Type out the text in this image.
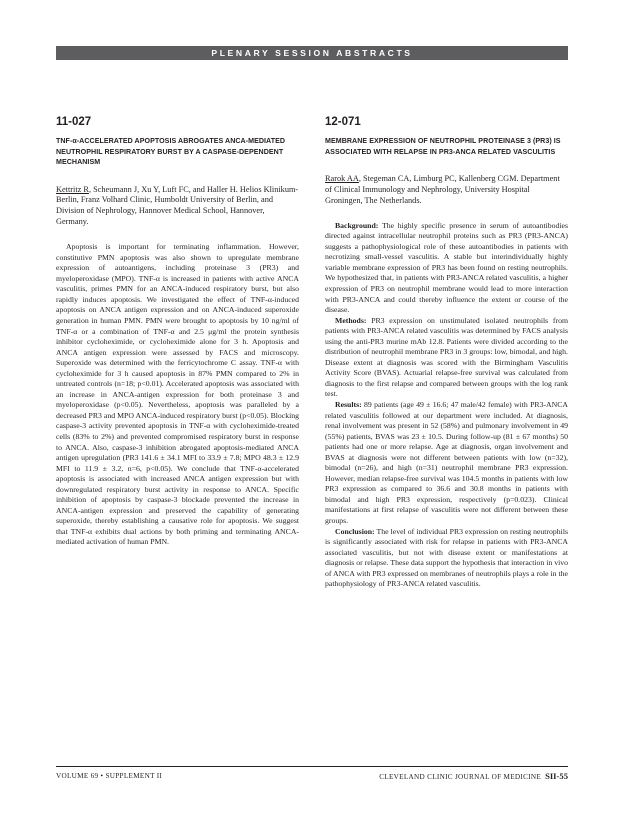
PLENARY SESSION ABSTRACTS
11-027
TNF-α-ACCELERATED APOPTOSIS ABROGATES ANCA-MEDIATED NEUTROPHIL RESPIRATORY BURST BY A CASPASE-DEPENDENT MECHANISM
Kettritz R, Scheumann J, Xu Y, Luft FC, and Haller H. Helios Klinikum-Berlin, Franz Volhard Clinic, Humboldt University of Berlin, and Division of Nephrology, Hannover Medical School, Hannover, Germany.

Apoptosis is important for terminating inflammation. However, constitutive PMN apoptosis was also shown to upregulate membrane expression of autoantigens, including proteinase 3 (PR3) and myeloperoxidase (MPO). TNF-α is increased in patients with active ANCA vasculitis, primes PMN for an ANCA-induced respiratory burst, but also rapidly induces apoptosis. We investigated the effect of TNF-α-induced apoptosis on ANCA antigen expression and on ANCA-induced superoxide generation in human PMN. PMN were brought to apoptosis by 10 ng/ml of TNF-α or a combination of TNF-α and 2.5 μg/ml the protein synthesis inhibitor cycloheximide, or cycloheximide alone for 3 h. Apoptosis and ANCA antigen expression were assessed by FACS and microscopy. Superoxide was determined with the ferricytochrome C assay. TNF-α with cycloheximide for 3 h caused apoptosis in 87% PMN compared to 2% in untreated controls (n=18; p<0.01). Accelerated apoptosis was associated with an increase in ANCA-antigen expression for both proteinase 3 and myeloperoxidase (p<0.05). Nevertheless, apoptosis was paralleled by a decreased PR3 and MPO ANCA-induced respiratory burst (p<0.05). Blocking caspase-3 activity prevented apoptosis in TNF-α with cycloheximide-treated cells (83% to 2%) and prevented compromised respiratory burst in response to ANCA. Also, caspase-3 inhibition abrogated apoptosis-mediated ANCA antigen upregulation (PR3 141.6 ± 34.1 MFI to 33.9 ± 7.8; MPO 48.3 ± 12.9 MFI to 11.9 ± 3.2, n=6, p<0.05). We conclude that TNF-α-accelerated apoptosis is associated with increased ANCA antigen expression but with downregulated respiratory burst activity in response to ANCA. Specific inhibition of apoptosis by caspase-3 blockade prevented the increase in ANCA-antigen expression and preserved the capability of generating superoxide, thereby establishing a causative role for apoptosis. We suggest that TNF-α exhibits dual actions by both priming and terminating ANCA-mediated activation of human PMN.

12-071
MEMBRANE EXPRESSION OF NEUTROPHIL PROTEINASE 3 (PR3) IS ASSOCIATED WITH RELAPSE IN PR3-ANCA RELATED VASCULITIS
Rarok AA, Stegeman CA, Limburg PC, Kallenberg CGM. Department of Clinical Immunology and Nephrology, University Hospital Groningen, The Netherlands.

Background: The highly specific presence in serum of autoantibodies directed against intracellular neutrophil proteins such as PR3 (PR3-ANCA) suggests a pathophysiological role of these autoantibodies in patients with necrotizing small-vessel vasculitis. A stable but interindividually highly variable membrane expression of PR3 has been found on resting neutrophils. We hypothesized that, in patients with PR3-ANCA related vasculitis, a higher expression of PR3 on neutrophil membrane would lead to more interaction with PR3-ANCA and could thereby influence the extent or course of the disease.

Methods: PR3 expression on unstimulated isolated neutrophils from patients with PR3-ANCA related vasculitis was determined by FACS analysis using the anti-PR3 murine mAb 12.8. Patients were divided according to the distribution of neutrophil membrane PR3 in 3 groups: low, bimodal, and high. Disease extent at diagnosis was scored with the Birmingham Vasculitis Activity Score (BVAS). Actuarial relapse-free survival was calculated from diagnosis to the first relapse and compared between groups with the log rank test.

Results: 89 patients (age 49 ± 16.6; 47 male/42 female) with PR3-ANCA related vasculitis followed at our department were included. At diagnosis, renal involvement was present in 52 (58%) and pulmonary involvement in 49 (55%) patients, BVAS was 23 ± 10.5. During follow-up (81 ± 67 months) 50 patients had one or more relapse. Age at diagnosis, organ involvement and BVAS at diagnosis were not different between patients with low (n=32), bimodal (n=26), and high (n=31) neutrophil membrane PR3 expression. However, median relapse-free survival was 104.5 months in patients with low PR3 expression as compared to 36.6 and 30.8 months in patients with bimodal and high PR3 expression, respectively (p=0.023). Clinical manifestations at first relapse of vasculitis were not different between these groups.

Conclusion: The level of individual PR3 expression on resting neutrophils is significantly associated with risk for relapse in patients with PR3-ANCA associated vasculitis, but not with disease extent or manifestations at diagnosis or relapse. These data support the hypothesis that interaction in vivo of ANCA with PR3 expressed on membranes of neutrophils plays a role in the pathophysiology of PR3-ANCA related vasculitis.

VOLUME 69 • SUPPLEMENT II	CLEVELAND CLINIC JOURNAL OF MEDICINE SII-55
